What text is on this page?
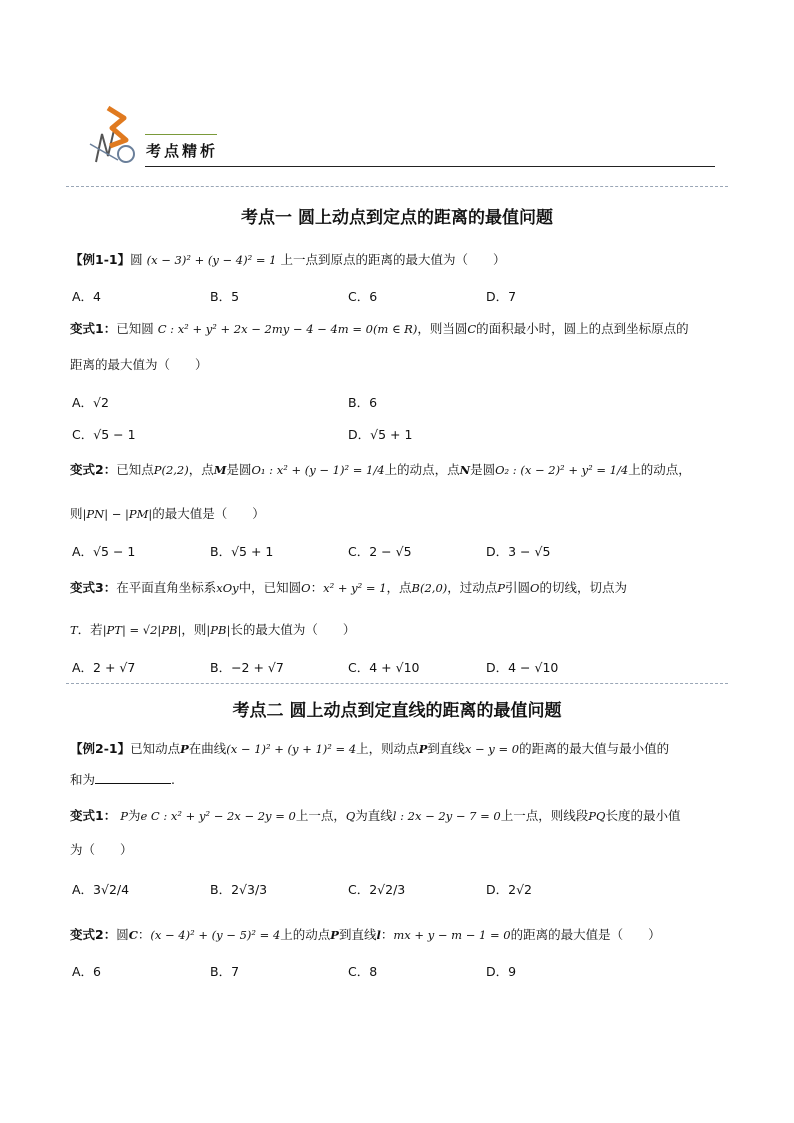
考点精析
考点一 圆上动点到定点的距离的最值问题
【例1-1】圆 (x − 3)² + (y − 4)² = 1 上一点到原点的距离的最大值为（　　）
A．4	B．5	C．6	D．7
变式1：已知圆 C : x² + y² + 2x − 2my − 4 − 4m = 0(m ∈ R)，则当圆C的面积最小时，圆上的点到坐标原点的
距离的最大值为（　　）
A．√2	B．6
C．√5 − 1	D．√5 + 1
变式2：已知点P(2,2)，点M是圆O₁ : x² + (y − 1)² = 1/4上的动点，点N是圆O₂ : (x − 2)² + y² = 1/4上的动点，
则|PN| − |PM|的最大值是（　　）
A．√5 − 1	B．√5 + 1	C．2 − √5	D．3 − √5
变式3：在平面直角坐标系xOy中，已知圆O：x² + y² = 1，点B(2,0)，过动点P引圆O的切线，切点为
T．若|PT| = √2|PB|，则|PB|长的最大值为（　　）
A．2 + √7	B．−2 + √7	C．4 + √10	D．4 − √10
考点二 圆上动点到定直线的距离的最值问题
【例2-1】已知动点P在曲线(x − 1)² + (y + 1)² = 4上，则动点P到直线x − y = 0的距离的最大值与最小值的
和为	.
变式1： P为e C : x² + y² − 2x − 2y = 0上一点，Q为直线l : 2x − 2y − 7 = 0上一点，则线段PQ长度的最小值
为（　　）
A．3√2/4	B．2√3/3	C．2√2/3	D．2√2
变式2：圆C：(x − 4)² + (y − 5)² = 4上的动点P到直线l：mx + y − m − 1 = 0的距离的最大值是（　　）
A．6	B．7	C．8	D．9
